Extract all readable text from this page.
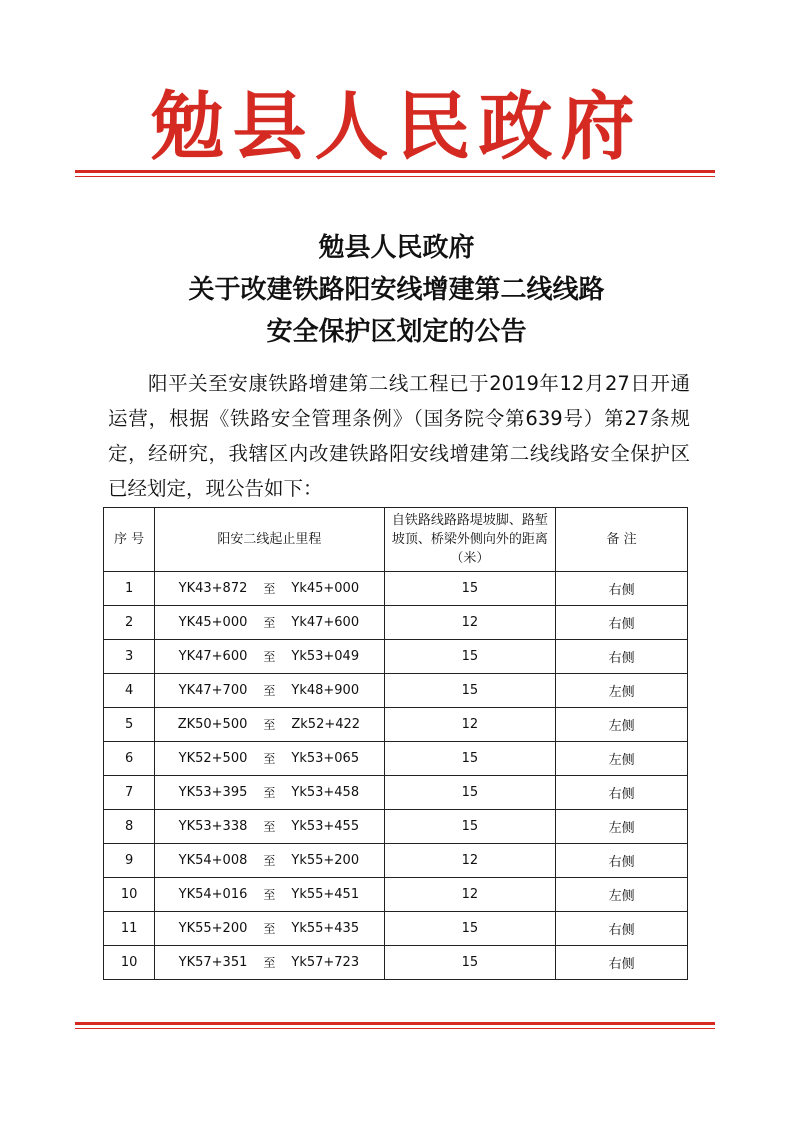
勉县人民政府
勉县人民政府
关于改建铁路阳安线增建第二线线路
安全保护区划定的公告
阳平关至安康铁路增建第二线工程已于2019年12月27日开通运营，根据《铁路安全管理条例》（国务院令第639号）第27条规定，经研究，我辖区内改建铁路阳安线增建第二线线路安全保护区已经划定，现公告如下：
序 号	阳安二线起止里程	自铁路线路路堤坡脚、路堑坡顶、桥梁外侧向外的距离（米）	备 注
1	YK43+872 至 Yk45+000	15	右侧
2	YK45+000 至 Yk47+600	12	右侧
3	YK47+600 至 Yk53+049	15	右侧
4	YK47+700 至 Yk48+900	15	左侧
5	ZK50+500 至 Zk52+422	12	左侧
6	YK52+500 至 Yk53+065	15	左侧
7	YK53+395 至 Yk53+458	15	右侧
8	YK53+338 至 Yk53+455	15	左侧
9	YK54+008 至 Yk55+200	12	右侧
10	YK54+016 至 Yk55+451	12	左侧
11	YK55+200 至 Yk55+435	15	右侧
10	YK57+351 至 Yk57+723	15	右侧
